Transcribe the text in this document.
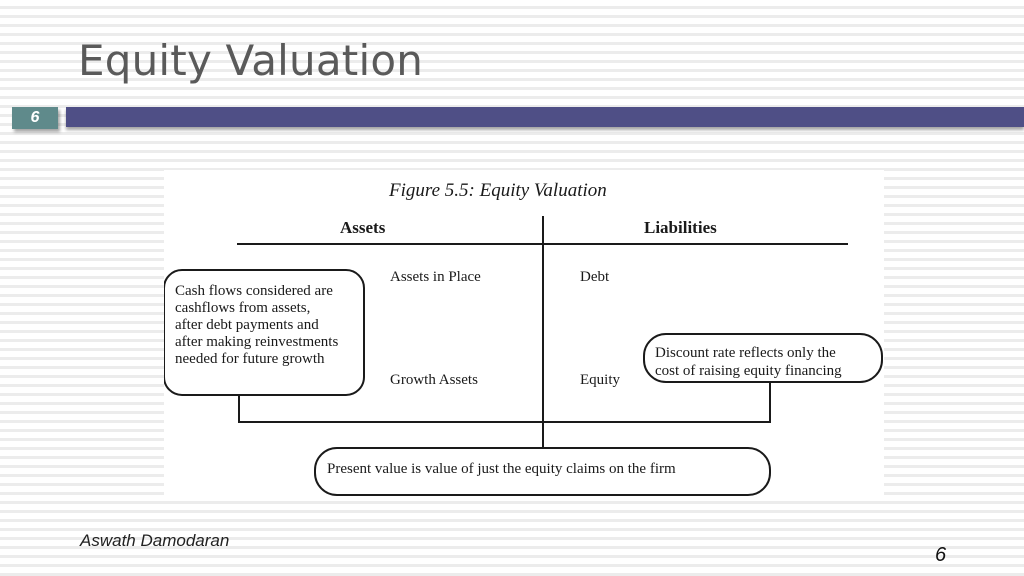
Equity Valuation
6
Figure 5.5: Equity Valuation
Assets	Liabilities
Assets in Place
Growth Assets
Debt
Equity
Cash flows considered are cashflows from assets, after debt payments and after making reinvestments needed for future growth	Discount rate reflects only the cost of raising equity financing
Present value is value of just the equity claims on the firm

Aswath Damodaran

6
